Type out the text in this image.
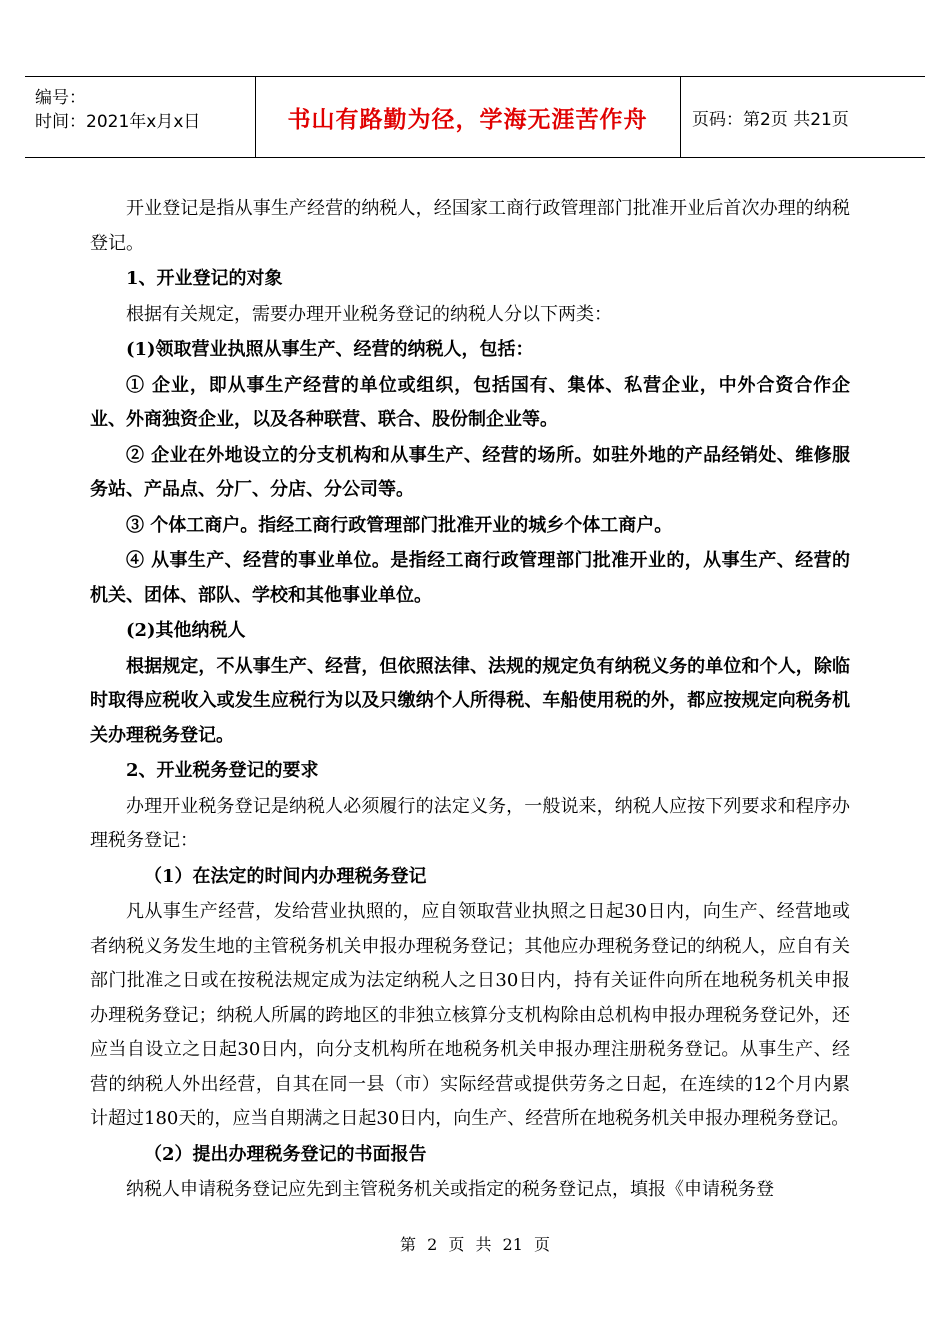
编号：
时间：2021年x月x日	书山有路勤为径，学海无涯苦作舟	页码：第2页 共21页

开业登记是指从事生产经营的纳税人，经国家工商行政管理部门批准开业后首次办理的纳税登记。

1、开业登记的对象

根据有关规定，需要办理开业税务登记的纳税人分以下两类：

(1)领取营业执照从事生产、经营的纳税人，包括：

① 企业，即从事生产经营的单位或组织，包括国有、集体、私营企业，中外合资合作企业、外商独资企业，以及各种联营、联合、股份制企业等。

② 企业在外地设立的分支机构和从事生产、经营的场所。如驻外地的产品经销处、维修服务站、产品点、分厂、分店、分公司等。

③ 个体工商户。指经工商行政管理部门批准开业的城乡个体工商户。

④ 从事生产、经营的事业单位。是指经工商行政管理部门批准开业的，从事生产、经营的机关、团体、部队、学校和其他事业单位。

(2)其他纳税人

根据规定，不从事生产、经营，但依照法律、法规的规定负有纳税义务的单位和个人，除临时取得应税收入或发生应税行为以及只缴纳个人所得税、车船使用税的外，都应按规定向税务机关办理税务登记。

2、开业税务登记的要求

办理开业税务登记是纳税人必须履行的法定义务，一般说来，纳税人应按下列要求和程序办理税务登记：

（1）在法定的时间内办理税务登记

凡从事生产经营，发给营业执照的，应自领取营业执照之日起30日内，向生产、经营地或者纳税义务发生地的主管税务机关申报办理税务登记；其他应办理税务登记的纳税人，应自有关部门批准之日或在按税法规定成为法定纳税人之日30日内，持有关证件向所在地税务机关申报办理税务登记；纳税人所属的跨地区的非独立核算分支机构除由总机构申报办理税务登记外，还应当自设立之日起30日内，向分支机构所在地税务机关申报办理注册税务登记。从事生产、经营的纳税人外出经营，自其在同一县（市）实际经营或提供劳务之日起，在连续的12个月内累计超过180天的，应当自期满之日起30日内，向生产、经营所在地税务机关申报办理税务登记。

（2）提出办理税务登记的书面报告

纳税人申请税务登记应先到主管税务机关或指定的税务登记点，填报《申请税务登

第 2 页 共 21 页
